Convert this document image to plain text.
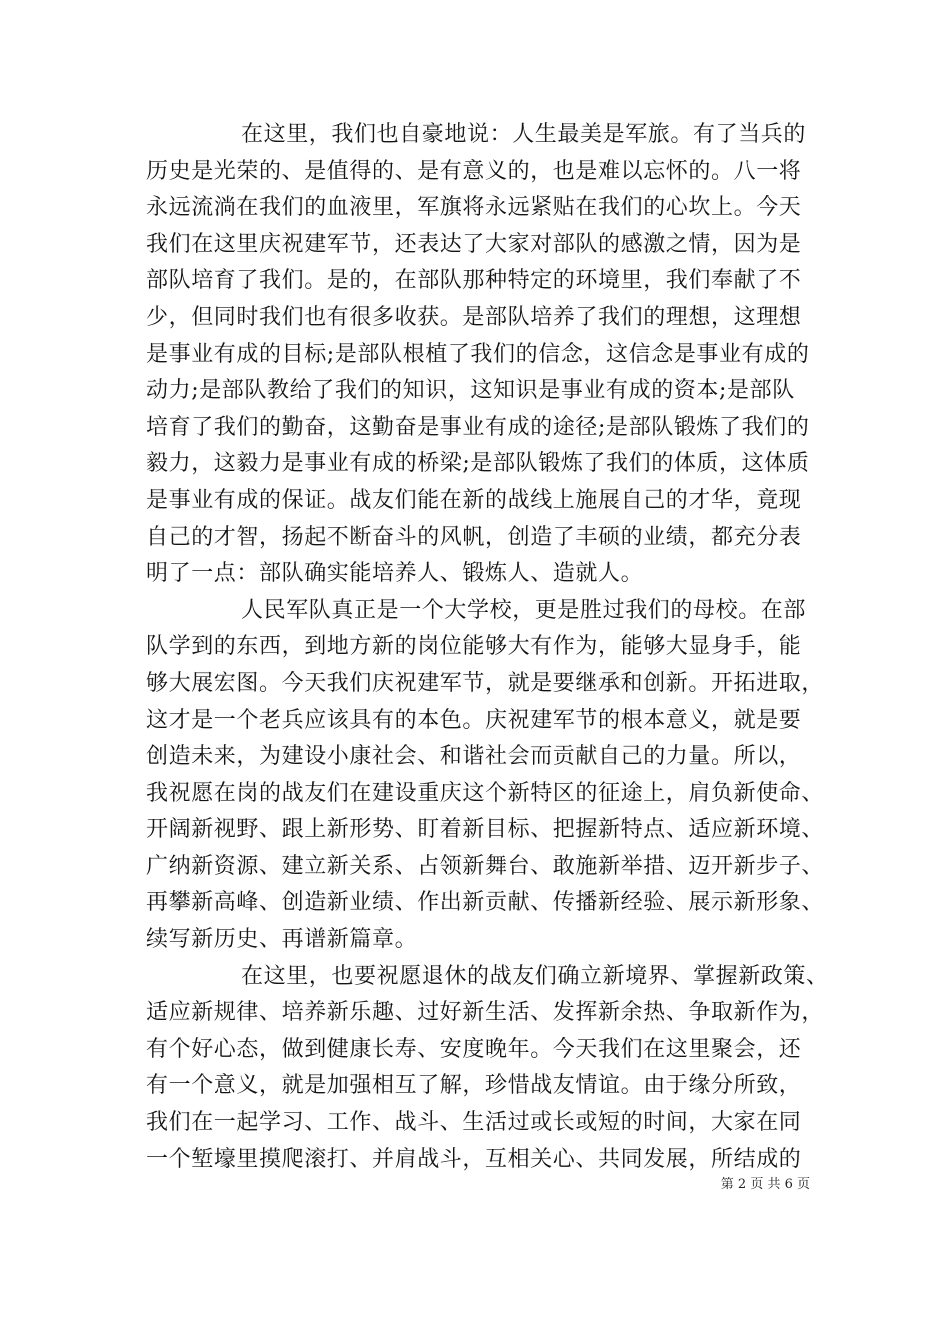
在这里，我们也自豪地说：人生最美是军旅。有了当兵的
历史是光荣的、是值得的、是有意义的，也是难以忘怀的。八一将
永远流淌在我们的血液里，军旗将永远紧贴在我们的心坎上。今天
我们在这里庆祝建军节，还表达了大家对部队的感激之情，因为是
部队培育了我们。是的，在部队那种特定的环境里，我们奉献了不
少，但同时我们也有很多收获。是部队培养了我们的理想，这理想
是事业有成的目标;是部队根植了我们的信念，这信念是事业有成的
动力;是部队教给了我们的知识，这知识是事业有成的资本;是部队
培育了我们的勤奋，这勤奋是事业有成的途径;是部队锻炼了我们的
毅力，这毅力是事业有成的桥梁;是部队锻炼了我们的体质，这体质
是事业有成的保证。战友们能在新的战线上施展自己的才华，竟现
自己的才智，扬起不断奋斗的风帆，创造了丰硕的业绩，都充分表
明了一点：部队确实能培养人、锻炼人、造就人。
人民军队真正是一个大学校，更是胜过我们的母校。在部
队学到的东西，到地方新的岗位能够大有作为，能够大显身手，能
够大展宏图。今天我们庆祝建军节，就是要继承和创新。开拓进取，
这才是一个老兵应该具有的本色。庆祝建军节的根本意义，就是要
创造未来，为建设小康社会、和谐社会而贡献自己的力量。所以，
我祝愿在岗的战友们在建设重庆这个新特区的征途上，肩负新使命、
开阔新视野、跟上新形势、盯着新目标、把握新特点、适应新环境、
广纳新资源、建立新关系、占领新舞台、敢施新举措、迈开新步子、
再攀新高峰、创造新业绩、作出新贡献、传播新经验、展示新形象、
续写新历史、再谱新篇章。
在这里，也要祝愿退休的战友们确立新境界、掌握新政策、
适应新规律、培养新乐趣、过好新生活、发挥新余热、争取新作为，
有个好心态，做到健康长寿、安度晚年。今天我们在这里聚会，还
有一个意义，就是加强相互了解，珍惜战友情谊。由于缘分所致，
我们在一起学习、工作、战斗、生活过或长或短的时间，大家在同
一个堑壕里摸爬滚打、并肩战斗，互相关心、共同发展，所结成的
第 2 页 共 6 页
